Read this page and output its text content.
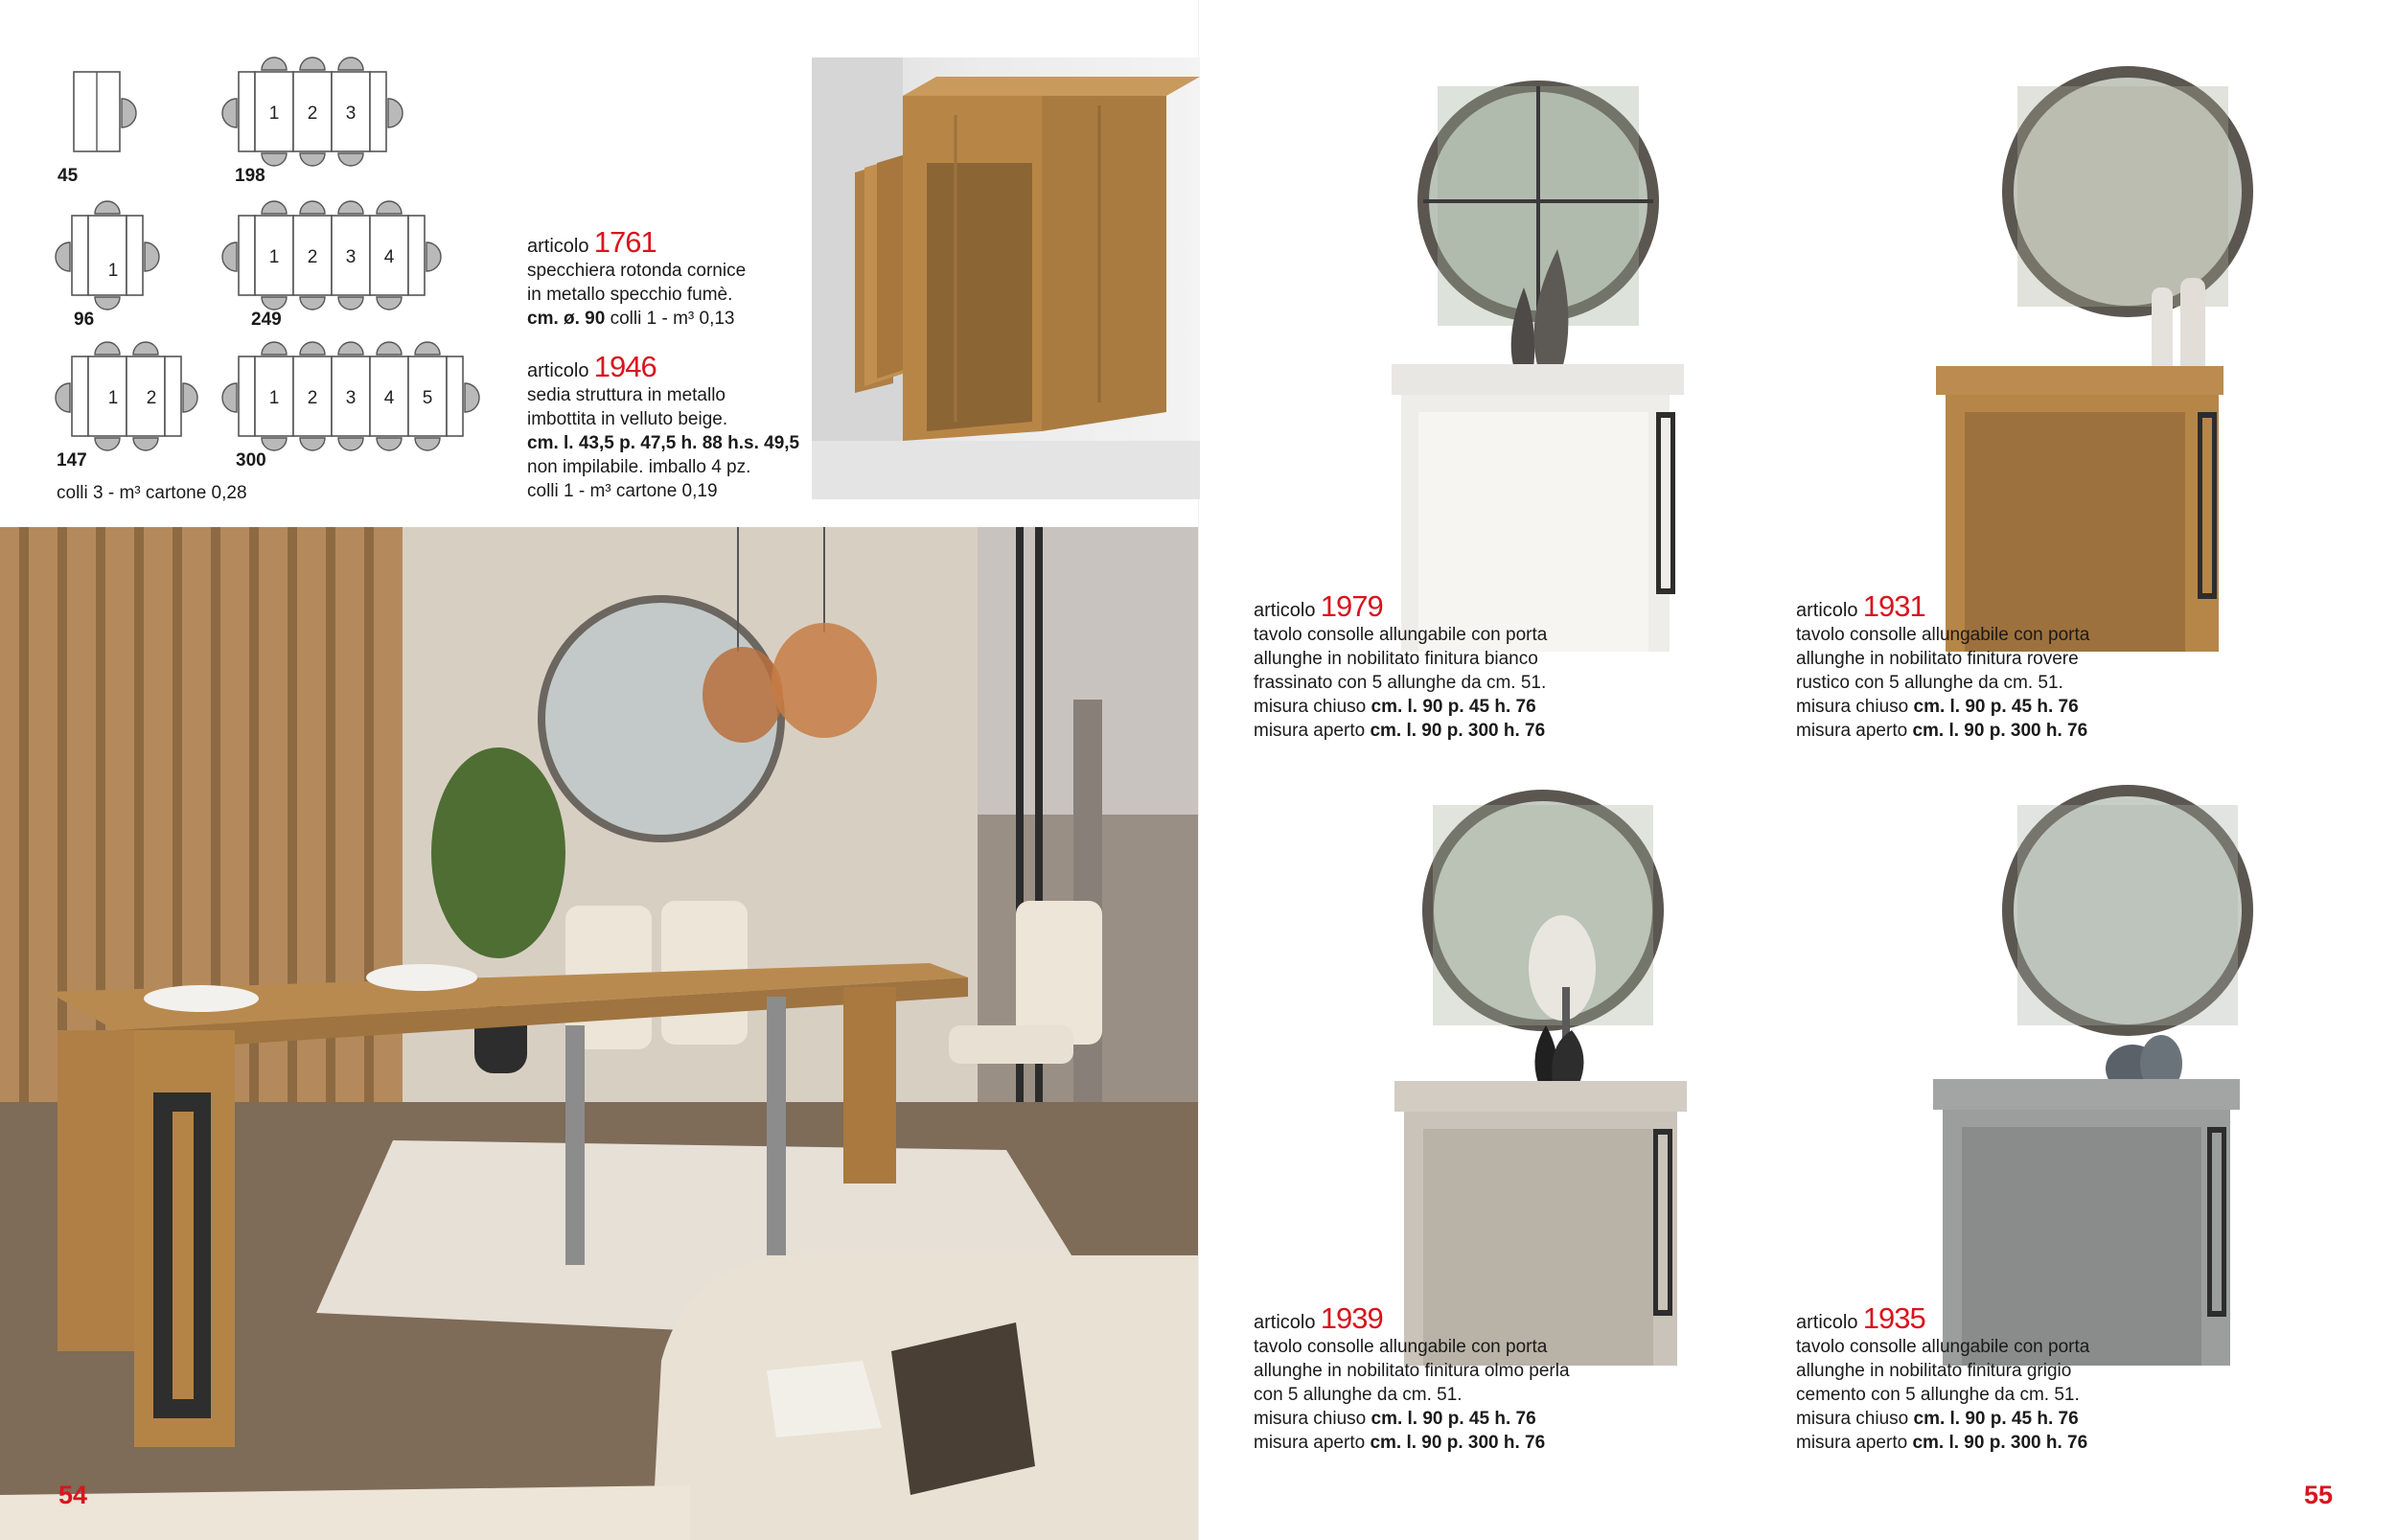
45
1 2 3
198
1
96
1 2 3 4
249
1 2
147
1 2 3 4 5
300
colli 3 - m³ cartone 0,28
articolo 1761
specchiera rotonda cornice
in metallo specchio fumè.
cm. ø. 90 colli 1 - m³ 0,13
articolo 1946
sedia struttura in metallo
imbottita in velluto beige.
cm. l. 43,5 p. 47,5 h. 88 h.s. 49,5
non impilabile. imballo 4 pz.
colli 1 - m³ cartone 0,19
articolo 1979
tavolo consolle allungabile con porta
allunghe in nobilitato finitura bianco
frassinato con 5 allunghe da cm. 51.
misura chiuso cm. l. 90 p. 45 h. 76
misura aperto cm. l. 90 p. 300 h. 76
articolo 1931
tavolo consolle allungabile con porta
allunghe in nobilitato finitura rovere
rustico con 5 allunghe da cm. 51.
misura chiuso cm. l. 90 p. 45 h. 76
misura aperto cm. l. 90 p. 300 h. 76
articolo 1939
tavolo consolle allungabile con porta
allunghe in nobilitato finitura olmo perla
con 5 allunghe da cm. 51.
misura chiuso cm. l. 90 p. 45 h. 76
misura aperto cm. l. 90 p. 300 h. 76
articolo 1935
tavolo consolle allungabile con porta
allunghe in nobilitato finitura grigio
cemento con 5 allunghe da cm. 51.
misura chiuso cm. l. 90 p. 45 h. 76
misura aperto cm. l. 90 p. 300 h. 76
54	55
